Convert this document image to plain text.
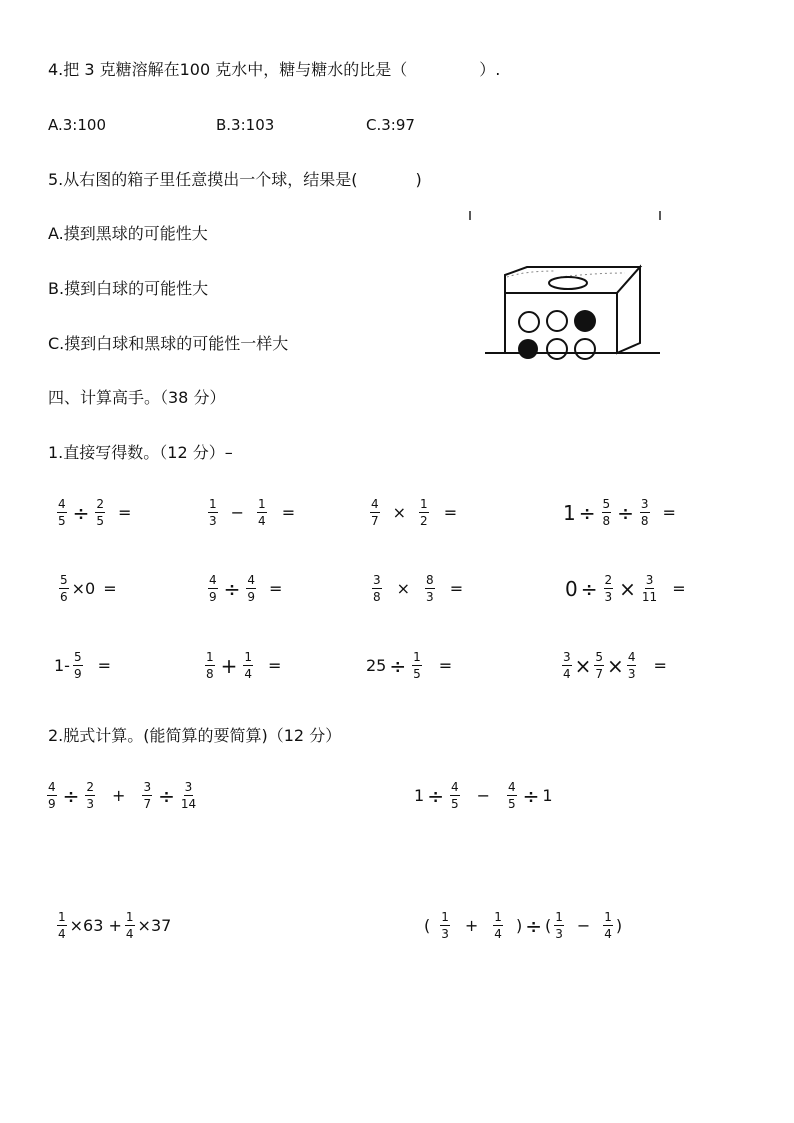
4.把 3 克糖溶解在100 克水中，糖与糖水的比是（	）.
A.3:100	B.3:103	C.3:97
5.从右图的箱子里任意摸出一个球，结果是(	)
A.摸到黑球的可能性大
B.摸到白球的可能性大
C.摸到白球和黑球的可能性一样大
四、计算高手。（38 分）
1.直接写得数。（12 分）–
$\frac{4}{5} \div \frac{2}{5}$ =	$\frac{1}{3} - \frac{1}{4}$ =	$\frac{4}{7} \times \frac{1}{2}$ =	$1 \div \frac{5}{8} \div \frac{3}{8}$ =
$\frac{5}{6} \times 0$ =	$\frac{4}{9} \div \frac{4}{9}$ =	$\frac{3}{8} \times \frac{8}{3}$ =	$0 \div \frac{2}{3} \times \frac{3}{11}$ =
$1- \frac{5}{9}$ =	$\frac{1}{8} + \frac{1}{4}$ =	$25 \div \frac{1}{5}$ =	$\frac{3}{4} \times \frac{5}{7} \times \frac{4}{3}$ =
2.脱式计算。(能简算的要简算)（12 分）
$\frac{4}{9} \div \frac{2}{3} + \frac{3}{7} \div \frac{3}{14}$	$1 \div \frac{4}{5} - \frac{4}{5} \div 1$
$\frac{1}{4} \times 63 + \frac{1}{4} \times 37$	( $\frac{1}{3} + \frac{1}{4}$ ) ÷ ( $\frac{1}{3} - \frac{1}{4}$ )
